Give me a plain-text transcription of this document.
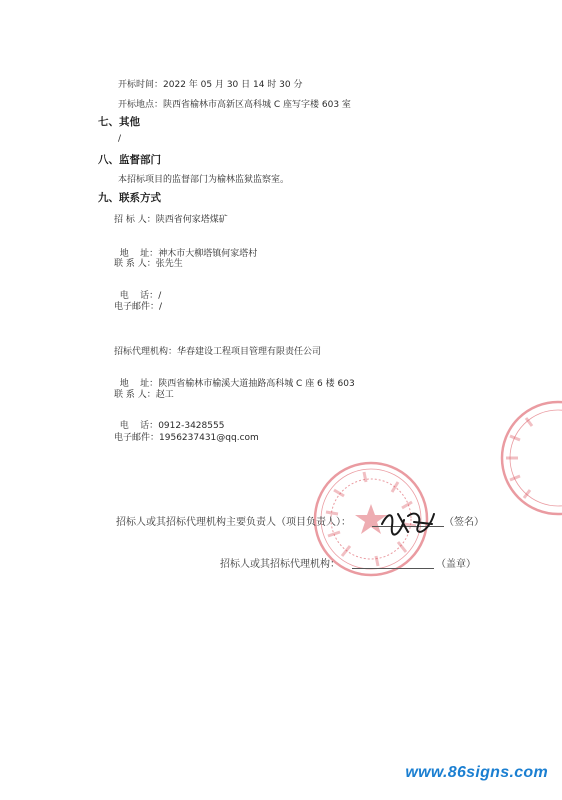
开标时间：2022 年 05 月 30 日 14 时 30 分
开标地点：陕西省榆林市高新区高科城 C 座写字楼 603 室
七、其他
/
八、监督部门
本招标项目的监督部门为榆林监狱监察室。
九、联系方式
招 标 人：陕西省何家塔煤矿

地    址：神木市大柳塔镇何家塔村

联 系 人：张先生

电    话：/

电子邮件：/
招标代理机构：华春建设工程项目管理有限责任公司

地    址：陕西省榆林市榆溪大道抽路高科城 C 座 6 楼 603

联 系 人：赵工

电    话：0912-3428555

电子邮件：1956237431@qq.com
招标人或其招标代理机构主要负责人（项目负责人）：	（签名）
招标人或其招标代理机构：	（盖章）
www.86signs.com
